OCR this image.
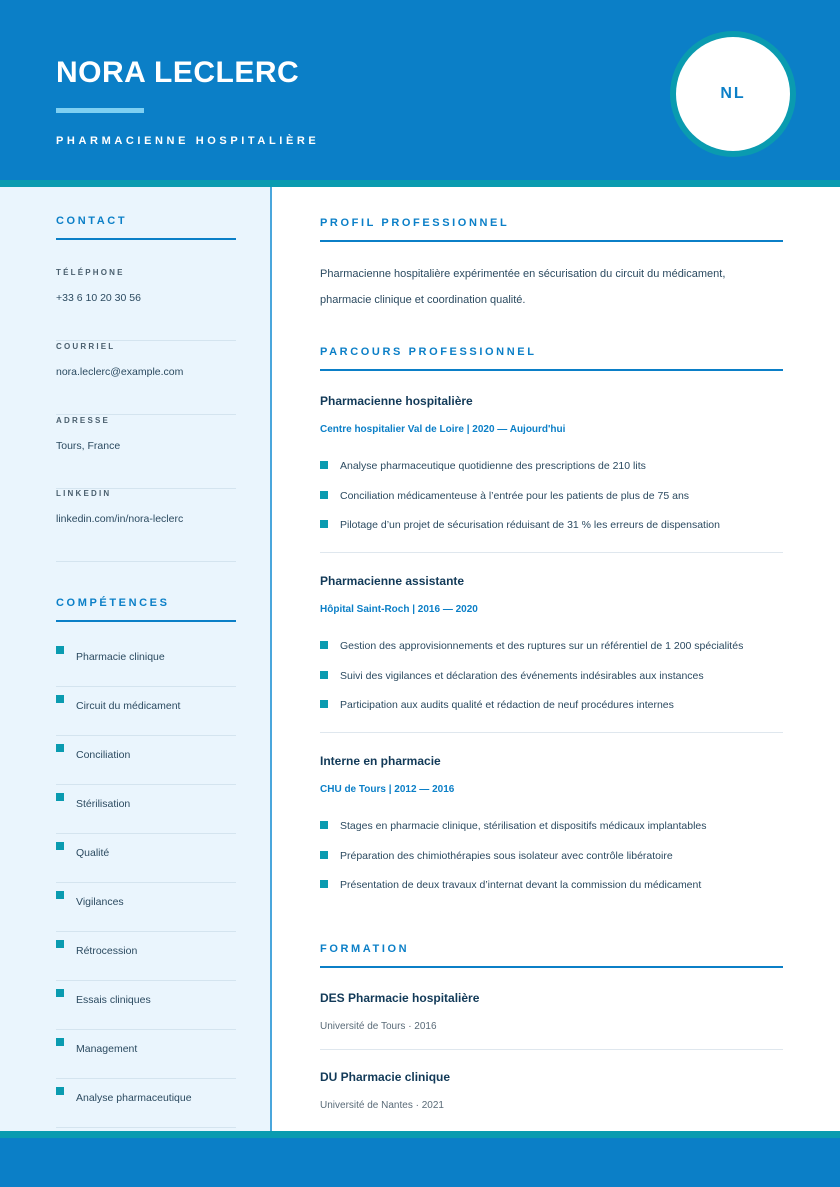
NORA LECLERC
PHARMACIENNE HOSPITALIÈRE
NL
CONTACT
TÉLÉPHONE
+33 6 10 20 30 56
COURRIEL
nora.leclerc@example.com
ADRESSE
Tours, France
LINKEDIN
linkedin.com/in/nora-leclerc
COMPÉTENCES
Pharmacie clinique
Circuit du médicament
Conciliation
Stérilisation
Qualité
Vigilances
Rétrocession
Essais cliniques
Management
Analyse pharmaceutique
PROFIL PROFESSIONNEL
Pharmacienne hospitalière expérimentée en sécurisation du circuit du médicament,
pharmacie clinique et coordination qualité.
PARCOURS PROFESSIONNEL
Pharmacienne hospitalière
Centre hospitalier Val de Loire | 2020 — Aujourd'hui
Analyse pharmaceutique quotidienne des prescriptions de 210 lits
Conciliation médicamenteuse à l’entrée pour les patients de plus de 75 ans
Pilotage d’un projet de sécurisation réduisant de 31 % les erreurs de dispensation
Pharmacienne assistante
Hôpital Saint-Roch | 2016 — 2020
Gestion des approvisionnements et des ruptures sur un référentiel de 1 200 spécialités
Suivi des vigilances et déclaration des événements indésirables aux instances
Participation aux audits qualité et rédaction de neuf procédures internes
Interne en pharmacie
CHU de Tours | 2012 — 2016
Stages en pharmacie clinique, stérilisation et dispositifs médicaux implantables
Préparation des chimiothérapies sous isolateur avec contrôle libératoire
Présentation de deux travaux d’internat devant la commission du médicament
FORMATION
DES Pharmacie hospitalière
Université de Tours · 2016
DU Pharmacie clinique
Université de Nantes · 2021
